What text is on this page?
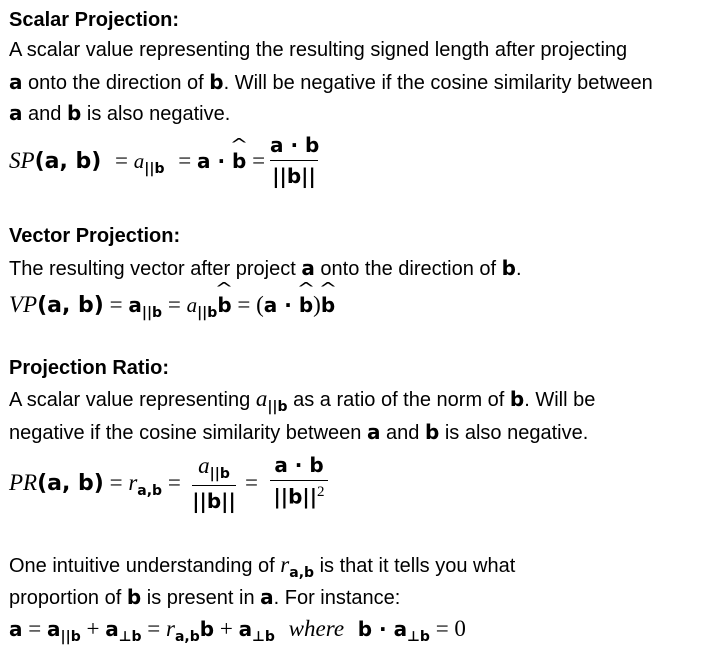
Scalar Projection:
A scalar value representing the resulting signed length after projecting
a onto the direction of b. Will be negative if the cosine similarity between
a and b is also negative.
SP(a, $b) = a_{||b} = a$ · ^ b =
a · b
||b||
Vector Projection:
The resulting vector after project a onto the direction of b.
VP(a, $b) = a_{||b}$ = $a_{||b}\^{}$ b = (a · ^ b)^ b
Projection Ratio:
A scalar value representing $a_{||b}$ as a ratio of the norm of b. Will be
negative if the cosine similarity between a and b is also negative.
PR(a, $b) = r_{a,b}$ =
$a_{||b}$
||b||
=
a · b
$||b||^2$
One intuitive understanding of $r_{a,b}$ is that it tells you what
proportion of b is present in a. For instance:
$a = a_{||b} + a_{\perp b} = r_{a,b}b + a_{\perp b}$ where $b \cdot a_{\perp b} = 0$
